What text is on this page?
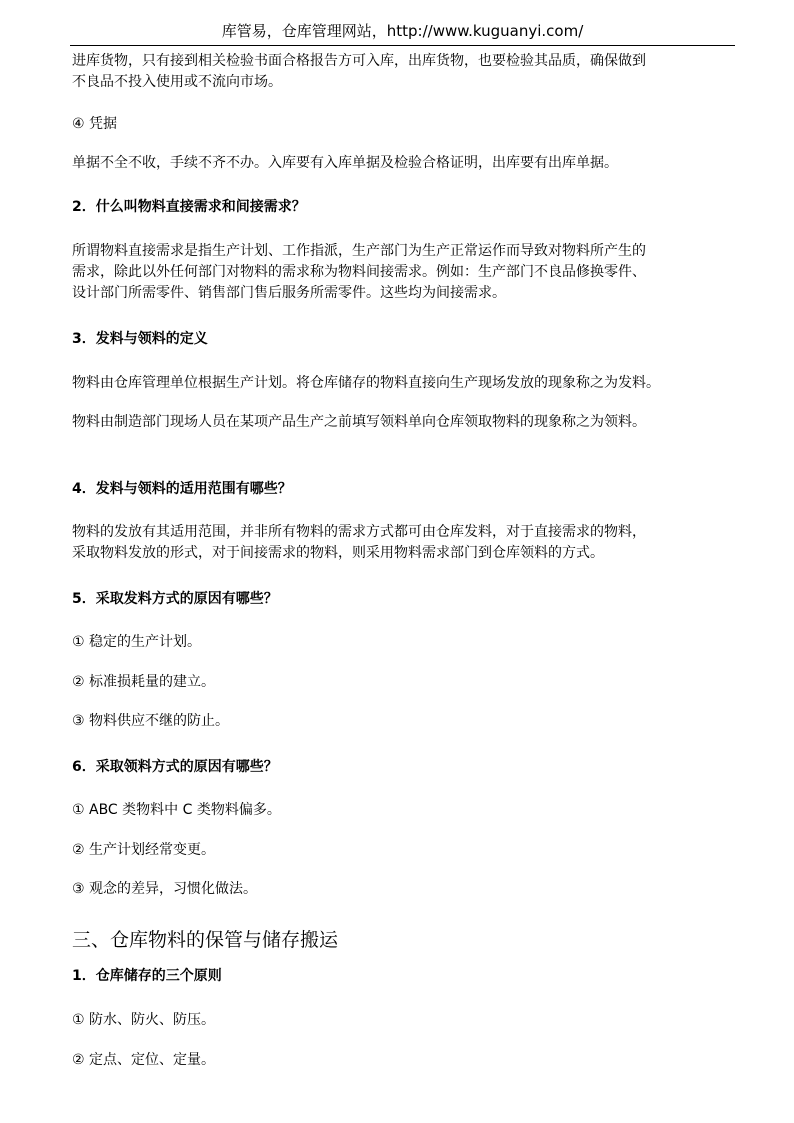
库管易，仓库管理网站，http://www.kuguanyi.com/
进库货物，只有接到相关检验书面合格报告方可入库，出库货物，也要检验其品质，确保做到
不良品不投入使用或不流向市场。
④ 凭据
单据不全不收，手续不齐不办。入库要有入库单据及检验合格证明，出库要有出库单据。
2．什么叫物料直接需求和间接需求？
所谓物料直接需求是指生产计划、工作指派，生产部门为生产正常运作而导致对物料所产生的
需求，除此以外任何部门对物料的需求称为物料间接需求。例如：生产部门不良品修换零件、
设计部门所需零件、销售部门售后服务所需零件。这些均为间接需求。
3．发料与领料的定义
物料由仓库管理单位根据生产计划。将仓库储存的物料直接向生产现场发放的现象称之为发料。
物料由制造部门现场人员在某项产品生产之前填写领料单向仓库领取物料的现象称之为领料。
4．发料与领料的适用范围有哪些？
物料的发放有其适用范围，并非所有物料的需求方式都可由仓库发料，对于直接需求的物料，
采取物料发放的形式，对于间接需求的物料，则采用物料需求部门到仓库领料的方式。
5．采取发料方式的原因有哪些？
① 稳定的生产计划。
② 标准损耗量的建立。
③ 物料供应不继的防止。
6．采取领料方式的原因有哪些？
① ABC 类物料中 C 类物料偏多。
② 生产计划经常变更。
③ 观念的差异，习惯化做法。
三、仓库物料的保管与储存搬运
1．仓库储存的三个原则
① 防水、防火、防压。
② 定点、定位、定量。
